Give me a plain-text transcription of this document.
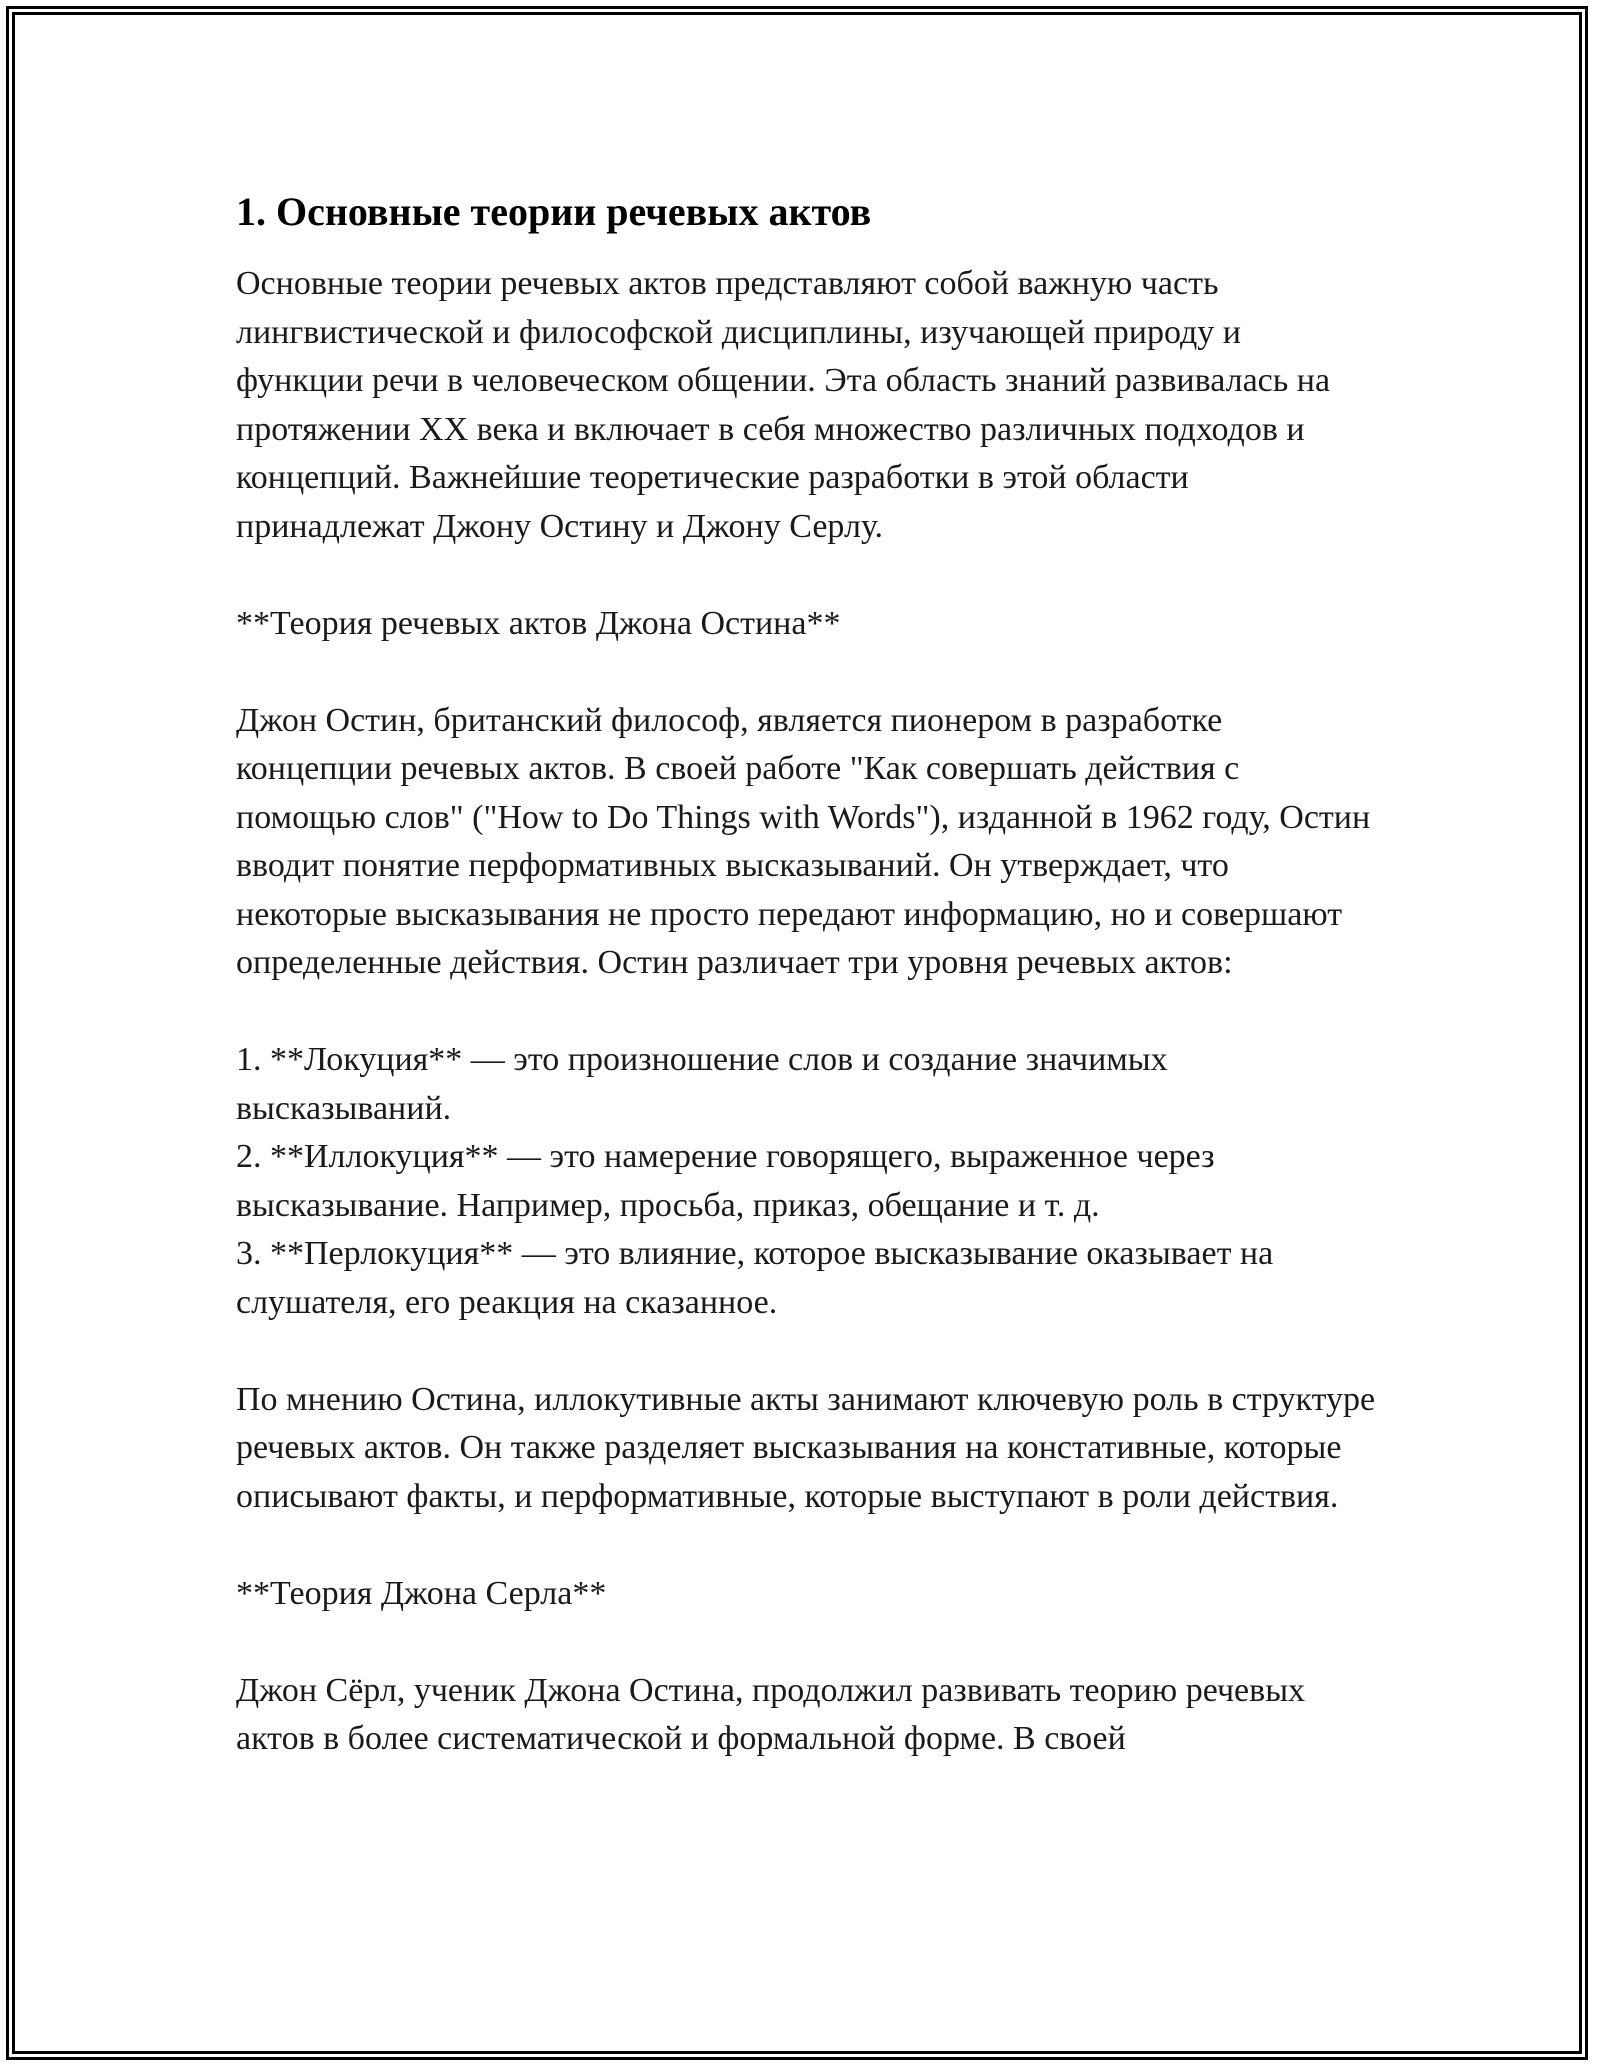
1. Основные теории речевых актов

Основные теории речевых актов представляют собой важную часть лингвистической и философской дисциплины, изучающей природу и функции речи в человеческом общении. Эта область знаний развивалась на протяжении XX века и включает в себя множество различных подходов и концепций. Важнейшие теоретические разработки в этой области принадлежат Джону Остину и Джону Серлу.

**Теория речевых актов Джона Остина**

Джон Остин, британский философ, является пионером в разработке концепции речевых актов. В своей работе "Как совершать действия с помощью слов" ("How to Do Things with Words"), изданной в 1962 году, Остин вводит понятие перформативных высказываний. Он утверждает, что некоторые высказывания не просто передают информацию, но и совершают определенные действия. Остин различает три уровня речевых актов:

1. **Локуция** — это произношение слов и создание значимых высказываний.
2. **Иллокуция** — это намерение говорящего, выраженное через высказывание. Например, просьба, приказ, обещание и т. д.
3. **Перлокуция** — это влияние, которое высказывание оказывает на слушателя, его реакция на сказанное.

По мнению Остина, иллокутивные акты занимают ключевую роль в структуре речевых актов. Он также разделяет высказывания на констативные, которые описывают факты, и перформативные, которые выступают в роли действия.

**Теория Джона Серла**

Джон Сёрл, ученик Джона Остина, продолжил развивать теорию речевых актов в более систематической и формальной форме. В своей
